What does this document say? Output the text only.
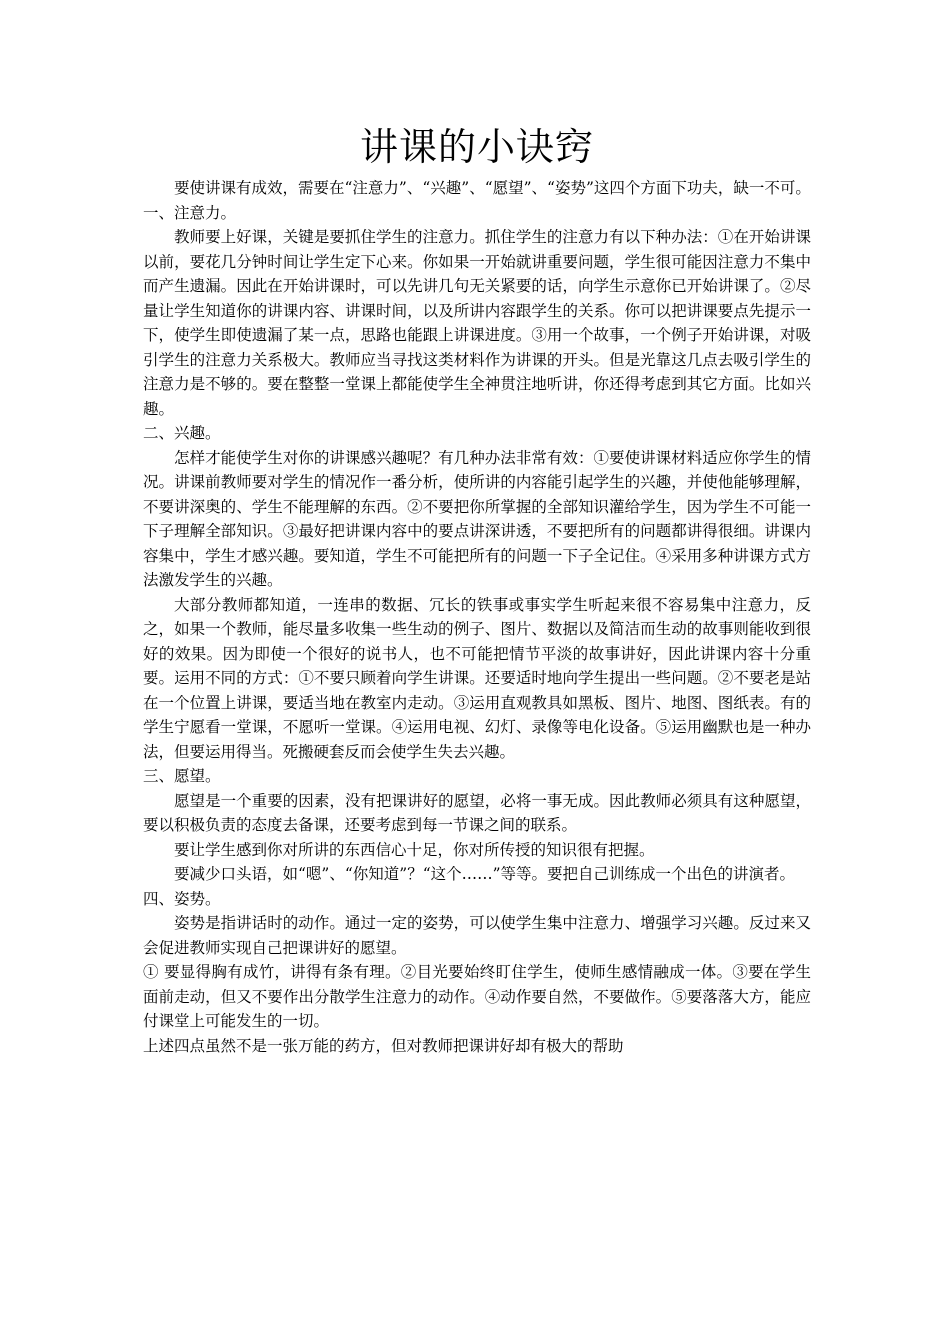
讲课的小诀窍

要使讲课有成效，需要在“注意力”、“兴趣”、“愿望”、“姿势”这四个方面下功夫，缺一不可。

一、注意力。

教师要上好课，关键是要抓住学生的注意力。抓住学生的注意力有以下种办法：①在开始讲课以前，要花几分钟时间让学生定下心来。你如果一开始就讲重要问题，学生很可能因注意力不集中而产生遗漏。因此在开始讲课时，可以先讲几句无关紧要的话，向学生示意你已开始讲课了。②尽量让学生知道你的讲课内容、讲课时间，以及所讲内容跟学生的关系。你可以把讲课要点先提示一下，使学生即使遗漏了某一点，思路也能跟上讲课进度。③用一个故事，一个例子开始讲课，对吸引学生的注意力关系极大。教师应当寻找这类材料作为讲课的开头。但是光靠这几点去吸引学生的注意力是不够的。要在整整一堂课上都能使学生全神贯注地听讲，你还得考虑到其它方面。比如兴趣。

二、兴趣。

怎样才能使学生对你的讲课感兴趣呢？有几种办法非常有效：①要使讲课材料适应你学生的情况。讲课前教师要对学生的情况作一番分析，使所讲的内容能引起学生的兴趣，并使他能够理解，不要讲深奥的、学生不能理解的东西。②不要把你所掌握的全部知识灌给学生，因为学生不可能一下子理解全部知识。③最好把讲课内容中的要点讲深讲透，不要把所有的问题都讲得很细。讲课内容集中，学生才感兴趣。要知道，学生不可能把所有的问题一下子全记住。④采用多种讲课方式方法激发学生的兴趣。

大部分教师都知道，一连串的数据、冗长的铁事或事实学生听起来很不容易集中注意力，反之，如果一个教师，能尽量多收集一些生动的例子、图片、数据以及简洁而生动的故事则能收到很好的效果。因为即使一个很好的说书人，也不可能把情节平淡的故事讲好，因此讲课内容十分重要。运用不同的方式：①不要只顾着向学生讲课。还要适时地向学生提出一些问题。②不要老是站在一个位置上讲课，要适当地在教室内走动。③运用直观教具如黑板、图片、地图、图纸表。有的学生宁愿看一堂课，不愿听一堂课。④运用电视、幻灯、录像等电化设备。⑤运用幽默也是一种办法，但要运用得当。死搬硬套反而会使学生失去兴趣。

三、愿望。

愿望是一个重要的因素，没有把课讲好的愿望，必将一事无成。因此教师必须具有这种愿望，要以积极负责的态度去备课，还要考虑到每一节课之间的联系。

要让学生感到你对所讲的东西信心十足，你对所传授的知识很有把握。

要减少口头语，如“嗯”、“你知道”？“这个……”等等。要把自己训练成一个出色的讲演者。

四、姿势。

姿势是指讲话时的动作。通过一定的姿势，可以使学生集中注意力、增强学习兴趣。反过来又会促进教师实现自己把课讲好的愿望。

① 要显得胸有成竹，讲得有条有理。②目光要始终盯住学生，使师生感情融成一体。③要在学生面前走动，但又不要作出分散学生注意力的动作。④动作要自然，不要做作。⑤要落落大方，能应付课堂上可能发生的一切。

上述四点虽然不是一张万能的药方，但对教师把课讲好却有极大的帮助
